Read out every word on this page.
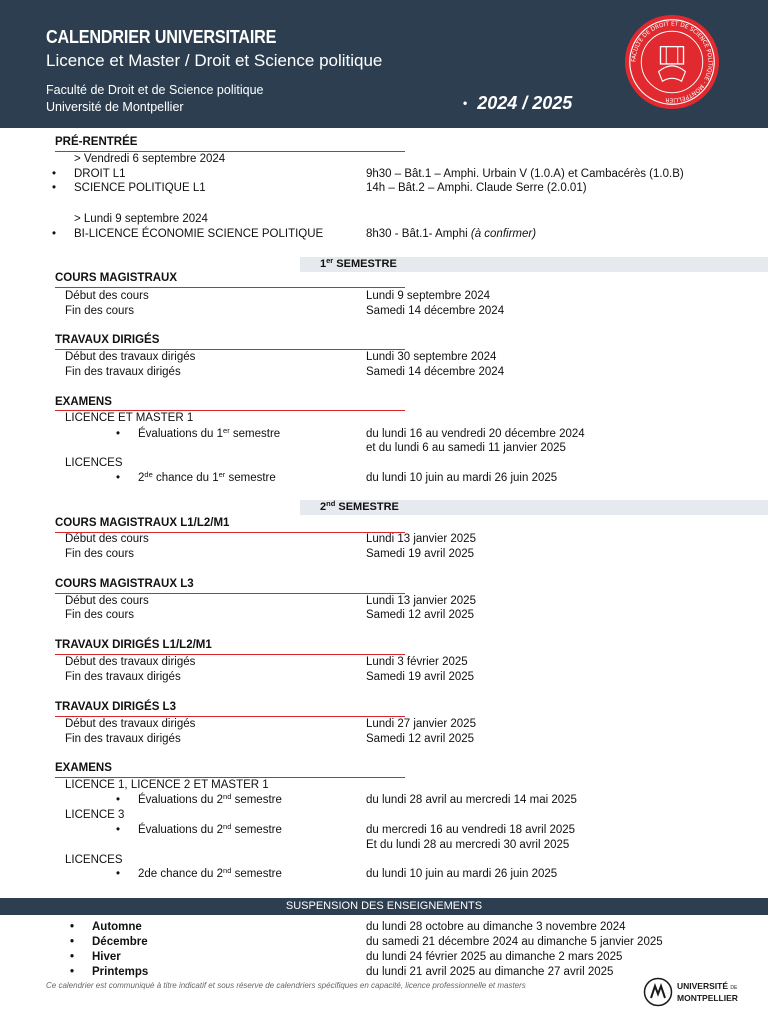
CALENDRIER UNIVERSITAIRE
Licence et Master / Droit et Science politique
Faculté de Droit et de Science politique
Université de Montpellier	• 2024 / 2025
FACULTÉ DE DROIT ET DE SCIENCE POLITIQUE · MONTPELLIER
PRÉ-RENTRÉE
> Vendredi 6 septembre 2024
• DROIT L1	9h30 – Bât.1 – Amphi. Urbain V (1.0.A) et Cambacérès (1.0.B)
• SCIENCE POLITIQUE L1	14h – Bât.2 – Amphi. Claude Serre (2.0.01)
> Lundi 9 septembre 2024
• BI-LICENCE ÉCONOMIE SCIENCE POLITIQUE	8h30 - Bât.1- Amphi (à confirmer)
1er SEMESTRE
COURS MAGISTRAUX
Début des cours	Lundi 9 septembre 2024
Fin des cours	Samedi 14 décembre 2024
TRAVAUX DIRIGÉS
Début des travaux dirigés	Lundi 30 septembre 2024
Fin des travaux dirigés	Samedi 14 décembre 2024
EXAMENS
LICENCE ET MASTER 1
• Évaluations du 1er semestre	du lundi 16 au vendredi 20 décembre 2024
et du lundi 6 au samedi 11 janvier 2025
LICENCES
• 2de chance du 1er semestre	du lundi 10 juin au mardi 26 juin 2025
2nd SEMESTRE
COURS MAGISTRAUX L1/L2/M1
Début des cours	Lundi 13 janvier 2025
Fin des cours	Samedi 19 avril 2025
COURS MAGISTRAUX L3
Début des cours	Lundi 13 janvier 2025
Fin des cours	Samedi 12 avril 2025
TRAVAUX DIRIGÉS L1/L2/M1
Début des travaux dirigés	Lundi 3 février 2025
Fin des travaux dirigés	Samedi 19 avril 2025
TRAVAUX DIRIGÉS L3
Début des travaux dirigés	Lundi 27 janvier 2025
Fin des travaux dirigés	Samedi 12 avril 2025
EXAMENS
LICENCE 1, LICENCE 2 ET MASTER 1
• Évaluations du 2nd semestre	du lundi 28 avril au mercredi 14 mai 2025
LICENCE 3
• Évaluations du 2nd semestre	du mercredi 16 au vendredi 18 avril 2025
Et du lundi 28 au mercredi 30 avril 2025
LICENCES
• 2de chance du 2nd semestre	du lundi 10 juin au mardi 26 juin 2025
SUSPENSION DES ENSEIGNEMENTS
• Automne	du lundi 28 octobre au dimanche 3 novembre 2024
• Décembre	du samedi 21 décembre 2024 au dimanche 5 janvier 2025
• Hiver	du lundi 24 février 2025 au dimanche 2 mars 2025
• Printemps	du lundi 21 avril 2025 au dimanche 27 avril 2025
Ce calendrier est communiqué à titre indicatif et sous réserve de calendriers spécifiques en capacité, licence professionnelle et masters	UNIVERSITÉ DE
MONTPELLIER
